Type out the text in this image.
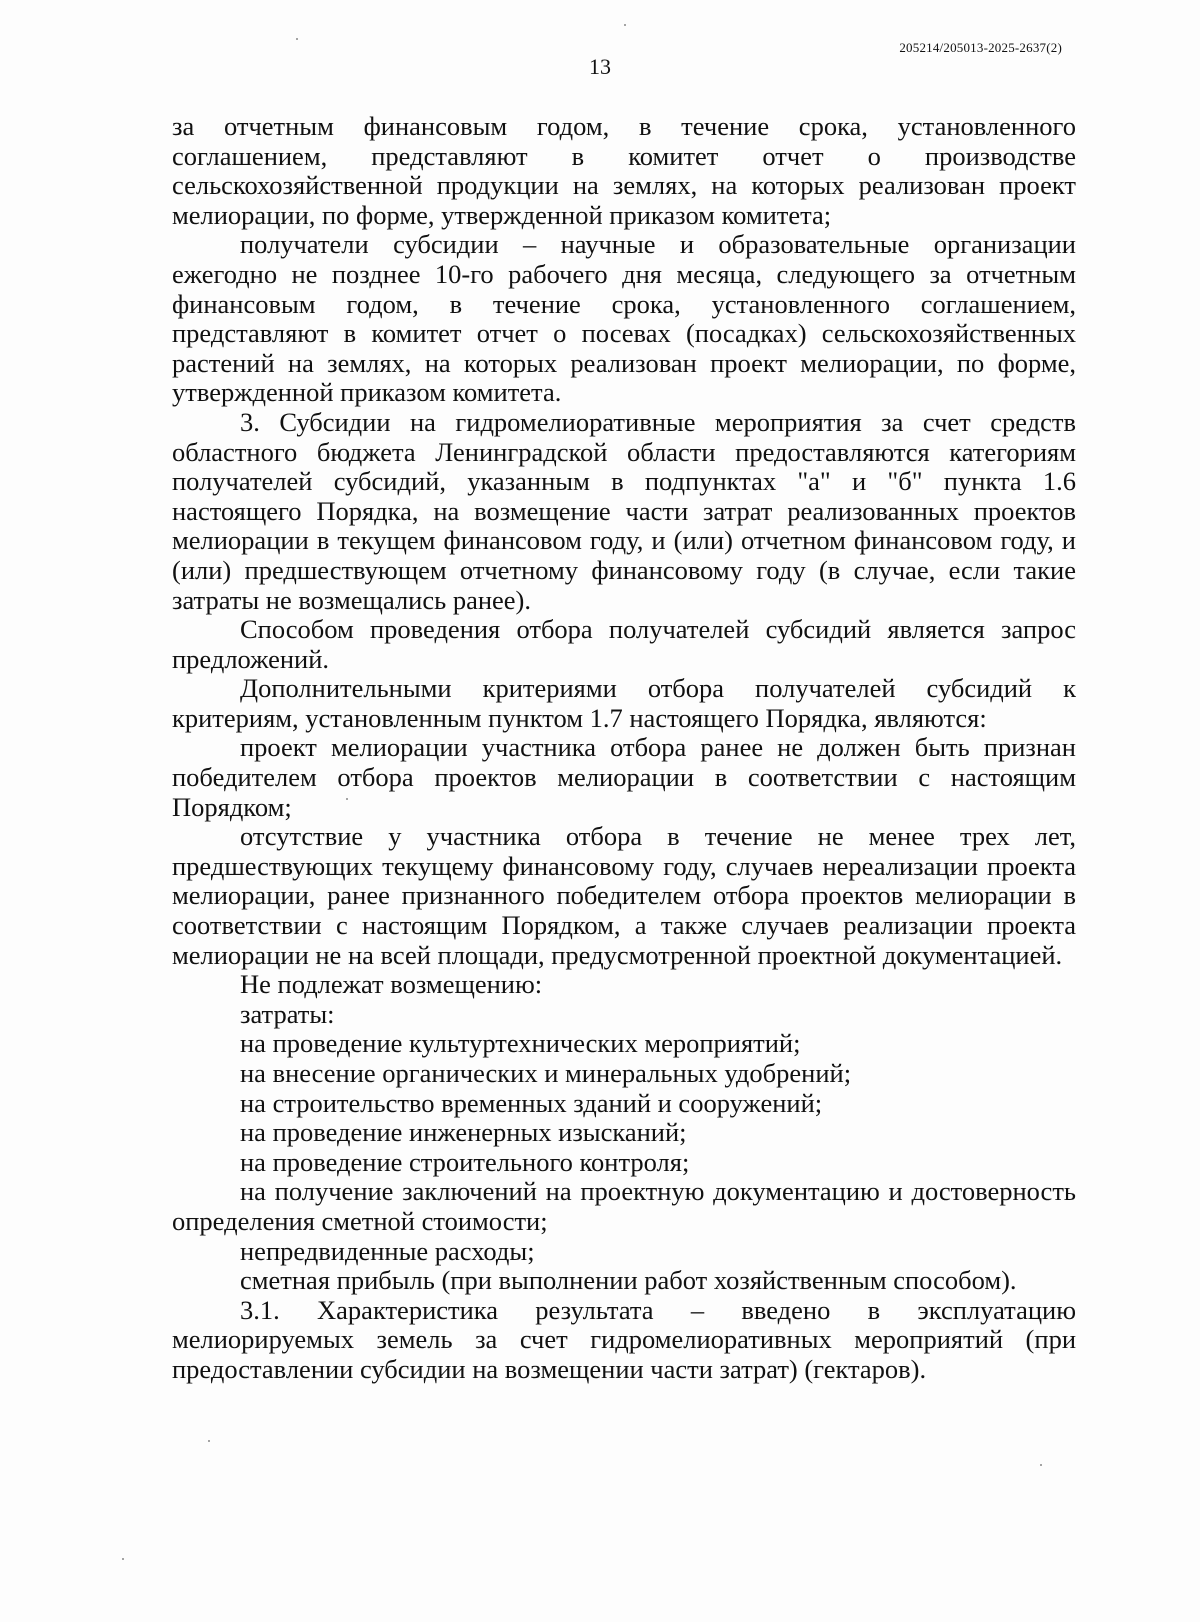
205214/205013-2025-2637(2)
13

за отчетным финансовым годом, в течение срока, установленного соглашением, представляют в комитет отчет о производстве сельскохозяйственной продукции на землях, на которых реализован проект мелиорации, по форме, утвержденной приказом комитета;

получатели субсидии – научные и образовательные организации ежегодно не позднее 10-го рабочего дня месяца, следующего за отчетным финансовым годом, в течение срока, установленного соглашением, представляют в комитет отчет о посевах (посадках) сельскохозяйственных растений на землях, на которых реализован проект мелиорации, по форме, утвержденной приказом комитета.

3. Субсидии на гидромелиоративные мероприятия за счет средств областного бюджета Ленинградской области предоставляются категориям получателей субсидий, указанным в подпунктах "а" и "б" пункта 1.6 настоящего Порядка, на возмещение части затрат реализованных проектов мелиорации в текущем финансовом году, и (или) отчетном финансовом году, и (или) предшествующем отчетному финансовому году (в случае, если такие затраты не возмещались ранее).

Способом проведения отбора получателей субсидий является запрос предложений.

Дополнительными критериями отбора получателей субсидий к критериям, установленным пунктом 1.7 настоящего Порядка, являются:

проект мелиорации участника отбора ранее не должен быть признан победителем отбора проектов мелиорации в соответствии с настоящим Порядком;

отсутствие у участника отбора в течение не менее трех лет, предшествующих текущему финансовому году, случаев нереализации проекта мелиорации, ранее признанного победителем отбора проектов мелиорации в соответствии с настоящим Порядком, а также случаев реализации проекта мелиорации не на всей площади, предусмотренной проектной документацией.

Не подлежат возмещению:

затраты:

на проведение культуртехнических мероприятий;

на внесение органических и минеральных удобрений;

на строительство временных зданий и сооружений;

на проведение инженерных изысканий;

на проведение строительного контроля;

на получение заключений на проектную документацию и достоверность определения сметной стоимости;

непредвиденные расходы;

сметная прибыль (при выполнении работ хозяйственным способом).

3.1. Характеристика результата – введено в эксплуатацию мелиорируемых земель за счет гидромелиоративных мероприятий (при предоставлении субсидии на возмещении части затрат) (гектаров).
